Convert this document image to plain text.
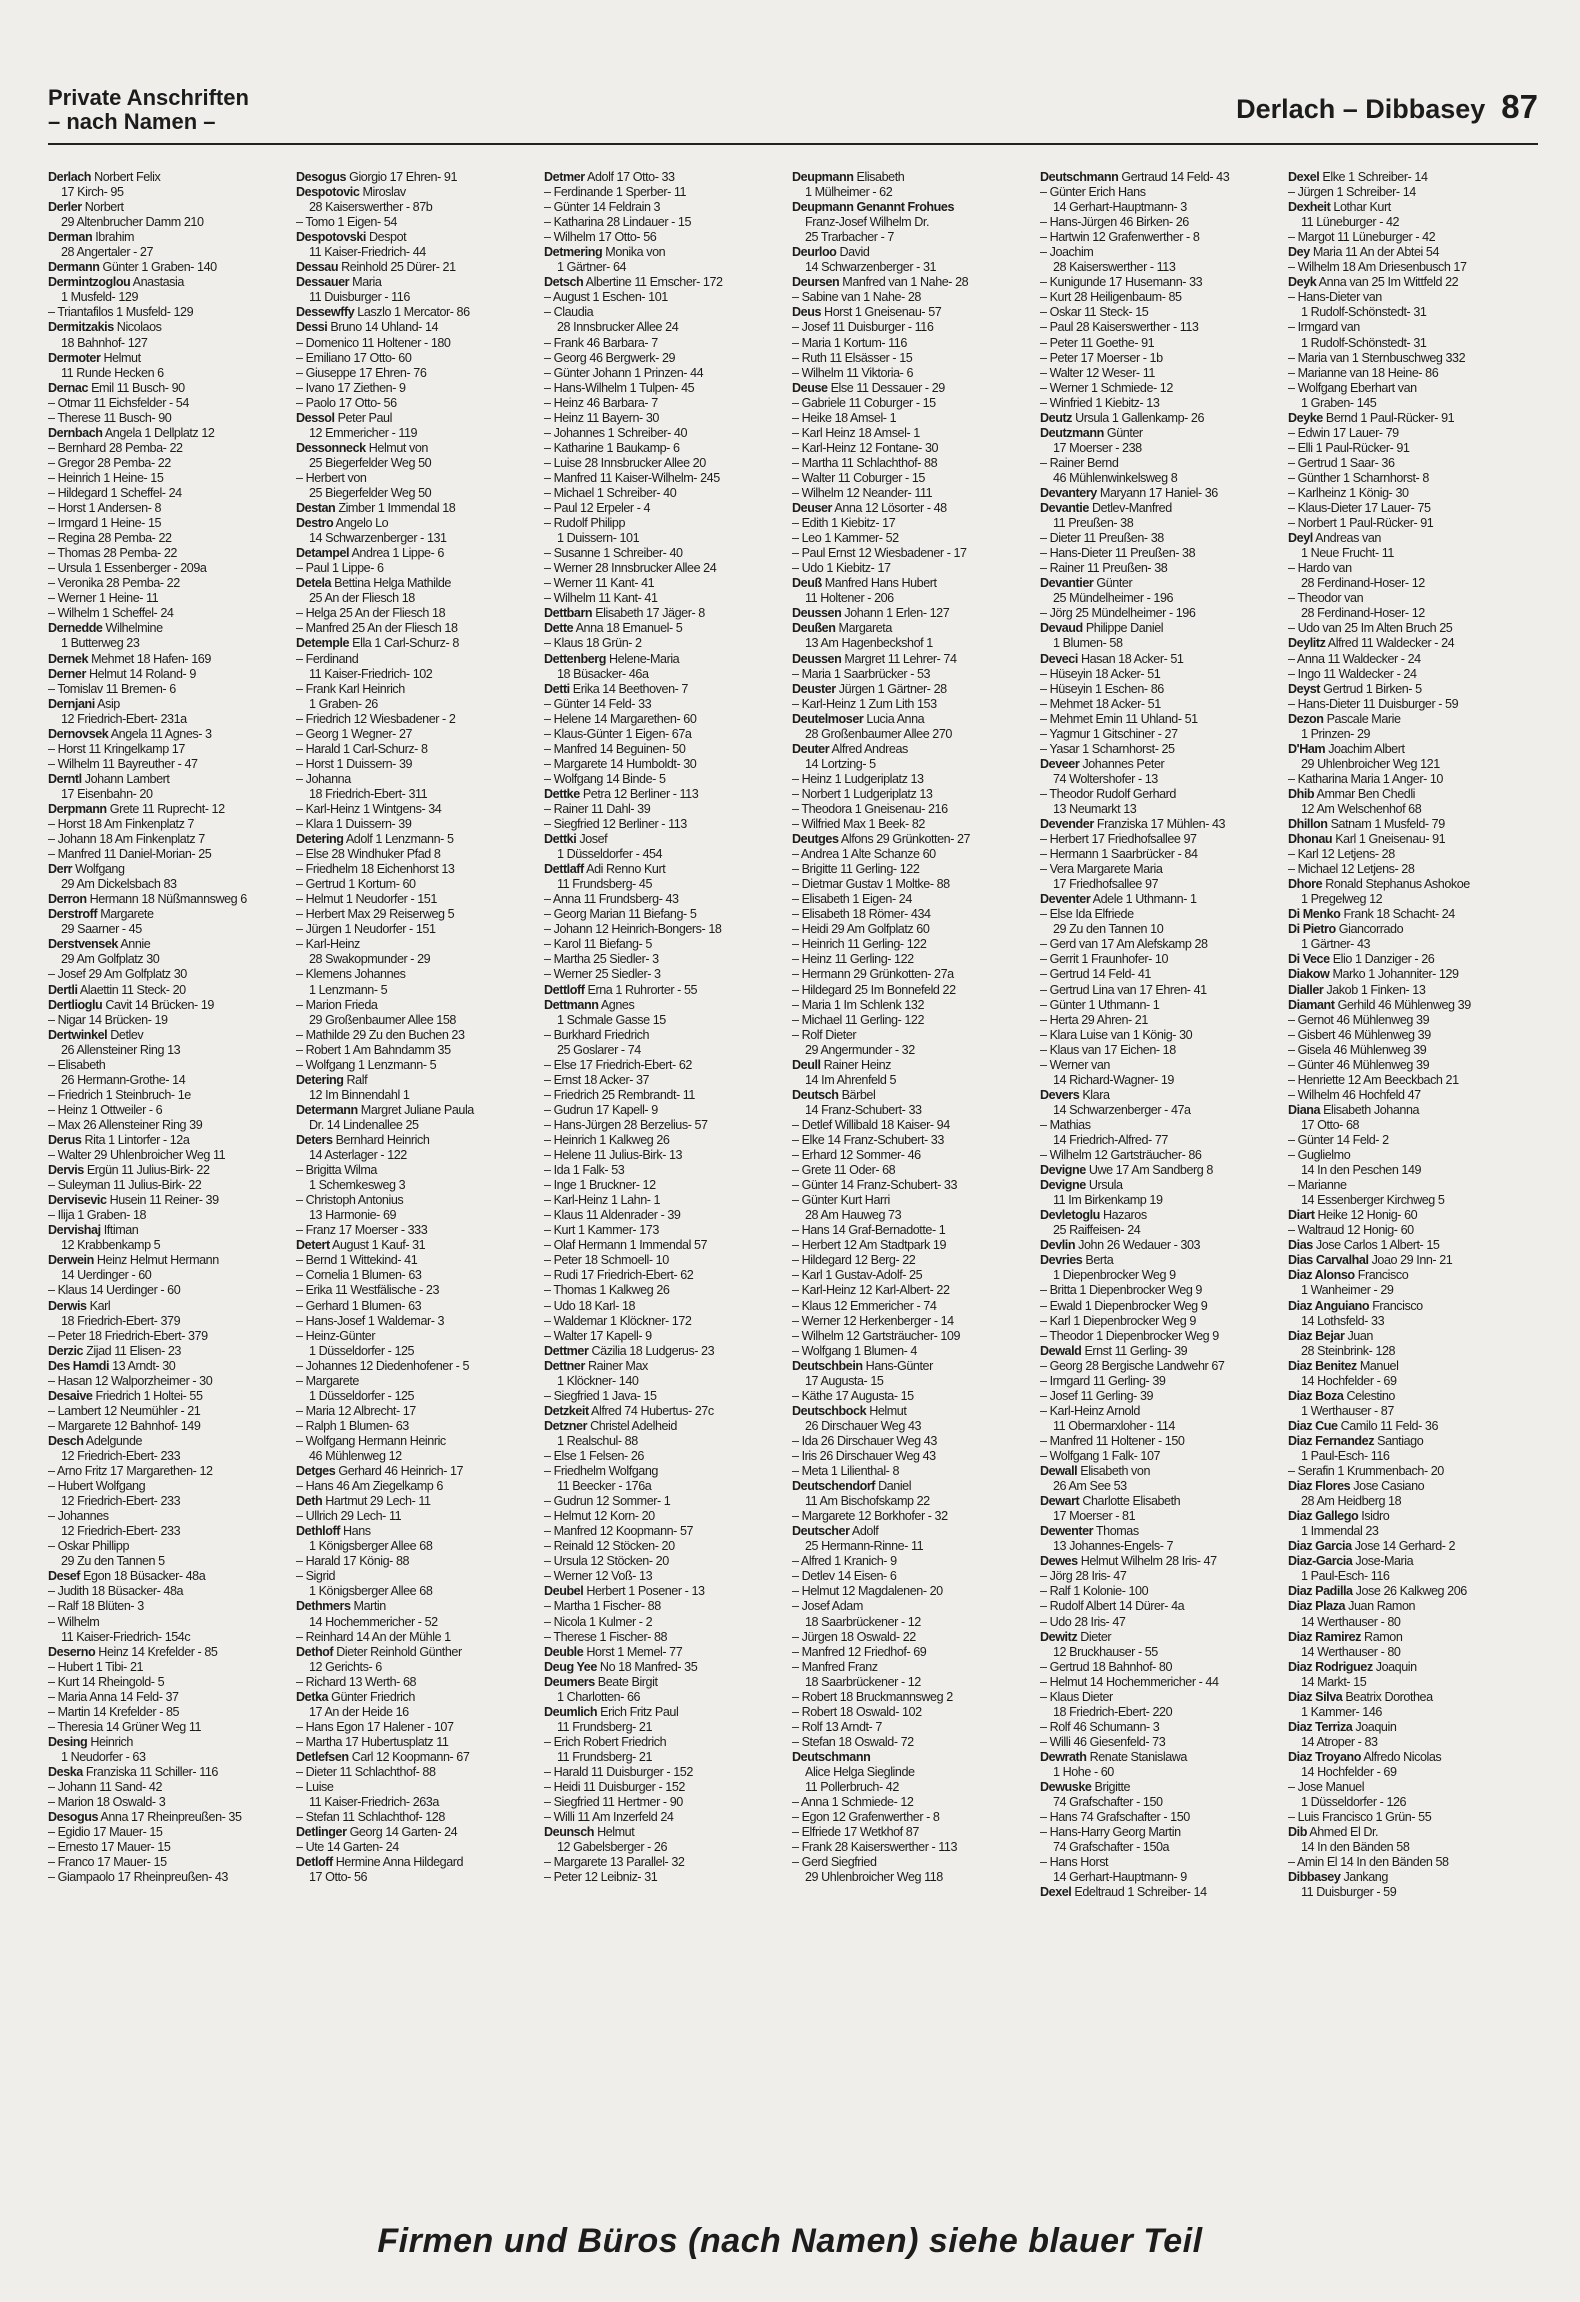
Private Anschriften
– nach Namen –	Derlach – Dibbasey 87
Derlach Norbert Felix
17 Kirch- 95
Derler Norbert
29 Altenbrucher Damm 210
Derman Ibrahim
28 Angertaler - 27
Dermann Günter 1 Graben- 140
Dermintzoglou Anastasia
1 Musfeld- 129
– Triantafilos 1 Musfeld- 129
Dermitzakis Nicolaos
18 Bahnhof- 127
Dermoter Helmut
11 Runde Hecken 6
Dernac Emil 11 Busch- 90
– Otmar 11 Eichsfelder - 54
– Therese 11 Busch- 90
Dernbach Angela 1 Dellplatz 12
– Bernhard 28 Pemba- 22
– Gregor 28 Pemba- 22
– Heinrich 1 Heine- 15
– Hildegard 1 Scheffel- 24
– Horst 1 Andersen- 8
– Irmgard 1 Heine- 15
– Regina 28 Pemba- 22
– Thomas 28 Pemba- 22
– Ursula 1 Essenberger - 209a
– Veronika 28 Pemba- 22
– Werner 1 Heine- 11
– Wilhelm 1 Scheffel- 24
Dernedde Wilhelmine
1 Butterweg 23
Dernek Mehmet 18 Hafen- 169
Derner Helmut 14 Roland- 9
– Tomislav 11 Bremen- 6
Dernjani Asip
12 Friedrich-Ebert- 231a
Dernovsek Angela 11 Agnes- 3
– Horst 11 Kringelkamp 17
– Wilhelm 11 Bayreuther - 47
Derntl Johann Lambert
17 Eisenbahn- 20
Derpmann Grete 11 Ruprecht- 12
– Horst 18 Am Finkenplatz 7
– Johann 18 Am Finkenplatz 7
– Manfred 11 Daniel-Morian- 25
Derr Wolfgang
29 Am Dickelsbach 83
Derron Hermann 18 Nüßmannsweg 6
Derstroff Margarete
29 Saarner - 45
Derstvensek Annie
29 Am Golfplatz 30
– Josef 29 Am Golfplatz 30
Dertli Alaettin 11 Steck- 20
Dertlioglu Cavit 14 Brücken- 19
– Nigar 14 Brücken- 19
Dertwinkel Detlev
26 Allensteiner Ring 13
– Elisabeth
26 Hermann-Grothe- 14
– Friedrich 1 Steinbruch- 1e
– Heinz 1 Ottweiler - 6
– Max 26 Allensteiner Ring 39
Derus Rita 1 Lintorfer - 12a
– Walter 29 Uhlenbroicher Weg 11
Dervis Ergün 11 Julius-Birk- 22
– Suleyman 11 Julius-Birk- 22
Dervisevic Husein 11 Reiner- 39
– Ilija 1 Graben- 18
Dervishaj Iftiman
12 Krabbenkamp 5
Derwein Heinz Helmut Hermann
14 Uerdinger - 60
– Klaus 14 Uerdinger - 60
Derwis Karl
18 Friedrich-Ebert- 379
– Peter 18 Friedrich-Ebert- 379
Derzic Zijad 11 Elisen- 23
Des Hamdi 13 Arndt- 30
– Hasan 12 Walporzheimer - 30
Desaive Friedrich 1 Holtei- 55
– Lambert 12 Neumühler - 21
– Margarete 12 Bahnhof- 149
Desch Adelgunde
12 Friedrich-Ebert- 233
– Arno Fritz 17 Margarethen- 12
– Hubert Wolfgang
12 Friedrich-Ebert- 233
– Johannes
12 Friedrich-Ebert- 233
– Oskar Phillipp
29 Zu den Tannen 5
Desef Egon 18 Büsacker- 48a
– Judith 18 Büsacker- 48a
– Ralf 18 Blüten- 3
– Wilhelm
11 Kaiser-Friedrich- 154c
Deserno Heinz 14 Krefelder - 85
– Hubert 1 Tibi- 21
– Kurt 14 Rheingold- 5
– Maria Anna 14 Feld- 37
– Martin 14 Krefelder - 85
– Theresia 14 Grüner Weg 11
Desing Heinrich
1 Neudorfer - 63
Deska Franziska 11 Schiller- 116
– Johann 11 Sand- 42
– Marion 18 Oswald- 3
Desogus Anna 17 Rheinpreußen- 35
– Egidio 17 Mauer- 15
– Ernesto 17 Mauer- 15
– Franco 17 Mauer- 15
– Giampaolo 17 Rheinpreußen- 43
Desogus Giorgio 17 Ehren- 91
Despotovic Miroslav
28 Kaiserswerther - 87b
– Tomo 1 Eigen- 54
Despotovski Despot
11 Kaiser-Friedrich- 44
Dessau Reinhold 25 Dürer- 21
Dessauer Maria
11 Duisburger - 116
Dessewffy Laszlo 1 Mercator- 86
Dessi Bruno 14 Uhland- 14
– Domenico 11 Holtener - 180
– Emiliano 17 Otto- 60
– Giuseppe 17 Ehren- 76
– Ivano 17 Ziethen- 9
– Paolo 17 Otto- 56
Dessol Peter Paul
12 Emmericher - 119
Dessonneck Helmut von
25 Biegerfelder Weg 50
– Herbert von
25 Biegerfelder Weg 50
Destan Zimber 1 Immendal 18
Destro Angelo Lo
14 Schwarzenberger - 131
Detampel Andrea 1 Lippe- 6
– Paul 1 Lippe- 6
Detela Bettina Helga Mathilde
25 An der Fliesch 18
– Helga 25 An der Fliesch 18
– Manfred 25 An der Fliesch 18
Detemple Ella 1 Carl-Schurz- 8
– Ferdinand
11 Kaiser-Friedrich- 102
– Frank Karl Heinrich
1 Graben- 26
– Friedrich 12 Wiesbadener - 2
– Georg 1 Wegner- 27
– Harald 1 Carl-Schurz- 8
– Horst 1 Duissern- 39
– Johanna
18 Friedrich-Ebert- 311
– Karl-Heinz 1 Wintgens- 34
– Klara 1 Duissern- 39
Detering Adolf 1 Lenzmann- 5
– Else 28 Windhuker Pfad 8
– Friedhelm 18 Eichenhorst 13
– Gertrud 1 Kortum- 60
– Helmut 1 Neudorfer - 151
– Herbert Max 29 Reiserweg 5
– Jürgen 1 Neudorfer - 151
– Karl-Heinz
28 Swakopmunder - 29
– Klemens Johannes
1 Lenzmann- 5
– Marion Frieda
29 Großenbaumer Allee 158
– Mathilde 29 Zu den Buchen 23
– Robert 1 Am Bahndamm 35
– Wolfgang 1 Lenzmann- 5
Detering Ralf
12 Im Binnendahl 1
Determann Margret Juliane Paula
Dr. 14 Lindenallee 25
Deters Bernhard Heinrich
14 Asterlager - 122
– Brigitta Wilma
1 Schemkesweg 3
– Christoph Antonius
13 Harmonie- 69
– Franz 17 Moerser - 333
Detert August 1 Kauf- 31
– Bernd 1 Wittekind- 41
– Cornelia 1 Blumen- 63
– Erika 11 Westfälische - 23
– Gerhard 1 Blumen- 63
– Hans-Josef 1 Waldemar- 3
– Heinz-Günter
1 Düsseldorfer - 125
– Johannes 12 Diedenhofener - 5
– Margarete
1 Düsseldorfer - 125
– Maria 12 Albrecht- 17
– Ralph 1 Blumen- 63
– Wolfgang Hermann Heinric
46 Mühlenweg 12
Detges Gerhard 46 Heinrich- 17
– Hans 46 Am Ziegelkamp 6
Deth Hartmut 29 Lech- 11
– Ullrich 29 Lech- 11
Dethloff Hans
1 Königsberger Allee 68
– Harald 17 König- 88
– Sigrid
1 Königsberger Allee 68
Dethmers Martin
14 Hochemmericher - 52
– Reinhard 14 An der Mühle 1
Dethof Dieter Reinhold Günther
12 Gerichts- 6
– Richard 13 Werth- 68
Detka Günter Friedrich
17 An der Heide 16
– Hans Egon 17 Halener - 107
– Martha 17 Hubertusplatz 11
Detlefsen Carl 12 Koopmann- 67
– Dieter 11 Schlachthof- 88
– Luise
11 Kaiser-Friedrich- 263a
– Stefan 11 Schlachthof- 128
Detlinger Georg 14 Garten- 24
– Ute 14 Garten- 24
Detloff Hermine Anna Hildegard
17 Otto- 56
Detmer Adolf 17 Otto- 33
– Ferdinande 1 Sperber- 11
– Günter 14 Feldrain 3
– Katharina 28 Lindauer - 15
– Wilhelm 17 Otto- 56
Detmering Monika von
1 Gärtner- 64
Detsch Albertine 11 Emscher- 172
– August 1 Eschen- 101
– Claudia
28 Innsbrucker Allee 24
– Frank 46 Barbara- 7
– Georg 46 Bergwerk- 29
– Günter Johann 1 Prinzen- 44
– Hans-Wilhelm 1 Tulpen- 45
– Heinz 46 Barbara- 7
– Heinz 11 Bayern- 30
– Johannes 1 Schreiber- 40
– Katharine 1 Baukamp- 6
– Luise 28 Innsbrucker Allee 20
– Manfred 11 Kaiser-Wilhelm- 245
– Michael 1 Schreiber- 40
– Paul 12 Erpeler - 4
– Rudolf Philipp
1 Duissern- 101
– Susanne 1 Schreiber- 40
– Werner 28 Innsbrucker Allee 24
– Werner 11 Kant- 41
– Wilhelm 11 Kant- 41
Dettbarn Elisabeth 17 Jäger- 8
Dette Anna 18 Emanuel- 5
– Klaus 18 Grün- 2
Dettenberg Helene-Maria
18 Büsacker- 46a
Detti Erika 14 Beethoven- 7
– Günter 14 Feld- 33
– Helene 14 Margarethen- 60
– Klaus-Günter 1 Eigen- 67a
– Manfred 14 Beguinen- 50
– Margarete 14 Humboldt- 30
– Wolfgang 14 Binde- 5
Dettke Petra 12 Berliner - 113
– Rainer 11 Dahl- 39
– Siegfried 12 Berliner - 113
Dettki Josef
1 Düsseldorfer - 454
Dettlaff Adi Renno Kurt
11 Frundsberg- 45
– Anna 11 Frundsberg- 43
– Georg Marian 11 Biefang- 5
– Johann 12 Heinrich-Bongers- 18
– Karol 11 Biefang- 5
– Martha 25 Siedler- 3
– Werner 25 Siedler- 3
Dettloff Erna 1 Ruhrorter - 55
Dettmann Agnes
1 Schmale Gasse 15
– Burkhard Friedrich
25 Goslarer - 74
– Else 17 Friedrich-Ebert- 62
– Ernst 18 Acker- 37
– Friedrich 25 Rembrandt- 11
– Gudrun 17 Kapell- 9
– Hans-Jürgen 28 Berzelius- 57
– Heinrich 1 Kalkweg 26
– Helene 11 Julius-Birk- 13
– Ida 1 Falk- 53
– Inge 1 Bruckner- 12
– Karl-Heinz 1 Lahn- 1
– Klaus 11 Aldenrader - 39
– Kurt 1 Kammer- 173
– Olaf Hermann 1 Immendal 57
– Peter 18 Schmoell- 10
– Rudi 17 Friedrich-Ebert- 62
– Thomas 1 Kalkweg 26
– Udo 18 Karl- 18
– Waldemar 1 Klöckner- 172
– Walter 17 Kapell- 9
Dettmer Cäzilia 18 Ludgerus- 23
Dettner Rainer Max
1 Klöckner- 140
– Siegfried 1 Java- 15
Detzkeit Alfred 74 Hubertus- 27c
Detzner Christel Adelheid
1 Realschul- 88
– Else 1 Felsen- 26
– Friedhelm Wolfgang
11 Beecker - 176a
– Gudrun 12 Sommer- 1
– Helmut 12 Korn- 20
– Manfred 12 Koopmann- 57
– Reinald 12 Stöcken- 20
– Ursula 12 Stöcken- 20
– Werner 12 Voß- 13
Deubel Herbert 1 Posener - 13
– Martha 1 Fischer- 88
– Nicola 1 Kulmer - 2
– Therese 1 Fischer- 88
Deuble Horst 1 Memel- 77
Deug Yee No 18 Manfred- 35
Deumers Beate Birgit
1 Charlotten- 66
Deumlich Erich Fritz Paul
11 Frundsberg- 21
– Erich Robert Friedrich
11 Frundsberg- 21
– Harald 11 Duisburger - 152
– Heidi 11 Duisburger - 152
– Siegfried 11 Hertmer - 90
– Willi 11 Am Inzerfeld 24
Deunsch Helmut
12 Gabelsberger - 26
– Margarete 13 Parallel- 32
– Peter 12 Leibniz- 31
Deupmann Elisabeth
1 Mülheimer - 62
Deupmann Genannt Frohues
Franz-Josef Wilhelm Dr.
25 Trarbacher - 7
Deurloo David
14 Schwarzenberger - 31
Deursen Manfred van 1 Nahe- 28
– Sabine van 1 Nahe- 28
Deus Horst 1 Gneisenau- 57
– Josef 11 Duisburger - 116
– Maria 1 Kortum- 116
– Ruth 11 Elsässer - 15
– Wilhelm 11 Viktoria- 6
Deuse Else 11 Dessauer - 29
– Gabriele 11 Coburger - 15
– Heike 18 Amsel- 1
– Karl Heinz 18 Amsel- 1
– Karl-Heinz 12 Fontane- 30
– Martha 11 Schlachthof- 88
– Walter 11 Coburger - 15
– Wilhelm 12 Neander- 111
Deuser Anna 12 Lösorter - 48
– Edith 1 Kiebitz- 17
– Leo 1 Kammer- 52
– Paul Ernst 12 Wiesbadener - 17
– Udo 1 Kiebitz- 17
Deuß Manfred Hans Hubert
11 Holtener - 206
Deussen Johann 1 Erlen- 127
Deußen Margareta
13 Am Hagenbeckshof 1
Deussen Margret 11 Lehrer- 74
– Maria 1 Saarbrücker - 53
Deuster Jürgen 1 Gärtner- 28
– Karl-Heinz 1 Zum Lith 153
Deutelmoser Lucia Anna
28 Großenbaumer Allee 270
Deuter Alfred Andreas
14 Lortzing- 5
– Heinz 1 Ludgeriplatz 13
– Norbert 1 Ludgeriplatz 13
– Theodora 1 Gneisenau- 216
– Wilfried Max 1 Beek- 82
Deutges Alfons 29 Grünkotten- 27
– Andrea 1 Alte Schanze 60
– Brigitte 11 Gerling- 122
– Dietmar Gustav 1 Moltke- 88
– Elisabeth 1 Eigen- 24
– Elisabeth 18 Römer- 434
– Heidi 29 Am Golfplatz 60
– Heinrich 11 Gerling- 122
– Heinz 11 Gerling- 122
– Hermann 29 Grünkotten- 27a
– Hildegard 25 Im Bonnefeld 22
– Maria 1 Im Schlenk 132
– Michael 11 Gerling- 122
– Rolf Dieter
29 Angermunder - 32
Deull Rainer Heinz
14 Im Ahrenfeld 5
Deutsch Bärbel
14 Franz-Schubert- 33
– Detlef Willibald 18 Kaiser- 94
– Elke 14 Franz-Schubert- 33
– Erhard 12 Sommer- 46
– Grete 11 Oder- 68
– Günter 14 Franz-Schubert- 33
– Günter Kurt Harri
28 Am Hauweg 73
– Hans 14 Graf-Bernadotte- 1
– Herbert 12 Am Stadtpark 19
– Hildegard 12 Berg- 22
– Karl 1 Gustav-Adolf- 25
– Karl-Heinz 12 Karl-Albert- 22
– Klaus 12 Emmericher - 74
– Werner 12 Herkenberger - 14
– Wilhelm 12 Gartsträucher- 109
– Wolfgang 1 Blumen- 4
Deutschbein Hans-Günter
17 Augusta- 15
– Käthe 17 Augusta- 15
Deutschbock Helmut
26 Dirschauer Weg 43
– Ida 26 Dirschauer Weg 43
– Iris 26 Dirschauer Weg 43
– Meta 1 Lilienthal- 8
Deutschendorf Daniel
11 Am Bischofskamp 22
– Margarete 12 Borkhofer - 32
Deutscher Adolf
25 Hermann-Rinne- 11
– Alfred 1 Kranich- 9
– Detlev 14 Eisen- 6
– Helmut 12 Magdalenen- 20
– Josef Adam
18 Saarbrückener - 12
– Jürgen 18 Oswald- 22
– Manfred 12 Friedhof- 69
– Manfred Franz
18 Saarbrückener - 12
– Robert 18 Bruckmannsweg 2
– Robert 18 Oswald- 102
– Rolf 13 Arndt- 7
– Stefan 18 Oswald- 72
Deutschmann
Alice Helga Sieglinde
11 Pollerbruch- 42
– Anna 1 Schmiede- 12
– Egon 12 Grafenwerther - 8
– Elfriede 17 Wetkhof 87
– Frank 28 Kaiserswerther - 113
– Gerd Siegfried
29 Uhlenbroicher Weg 118
Deutschmann Gertraud 14 Feld- 43
– Günter Erich Hans
14 Gerhart-Hauptmann- 3
– Hans-Jürgen 46 Birken- 26
– Hartwin 12 Grafenwerther - 8
– Joachim
28 Kaiserswerther - 113
– Kunigunde 17 Husemann- 33
– Kurt 28 Heiligenbaum- 85
– Oskar 11 Steck- 15
– Paul 28 Kaiserswerther - 113
– Peter 11 Goethe- 91
– Peter 17 Moerser - 1b
– Walter 12 Weser- 11
– Werner 1 Schmiede- 12
– Winfried 1 Kiebitz- 13
Deutz Ursula 1 Gallenkamp- 26
Deutzmann Günter
17 Moerser - 238
– Rainer Bernd
46 Mühlenwinkelsweg 8
Devantery Maryann 17 Haniel- 36
Devantie Detlev-Manfred
11 Preußen- 38
– Dieter 11 Preußen- 38
– Hans-Dieter 11 Preußen- 38
– Rainer 11 Preußen- 38
Devantier Günter
25 Mündelheimer - 196
– Jörg 25 Mündelheimer - 196
Devaud Philippe Daniel
1 Blumen- 58
Deveci Hasan 18 Acker- 51
– Hüseyin 18 Acker- 51
– Hüseyin 1 Eschen- 86
– Mehmet 18 Acker- 51
– Mehmet Emin 11 Uhland- 51
– Yagmur 1 Gitschiner - 27
– Yasar 1 Scharnhorst- 25
Deveer Johannes Peter
74 Woltershofer - 13
– Theodor Rudolf Gerhard
13 Neumarkt 13
Devender Franziska 17 Mühlen- 43
– Herbert 17 Friedhofsallee 97
– Hermann 1 Saarbrücker - 84
– Vera Margarete Maria
17 Friedhofsallee 97
Deventer Adele 1 Uthmann- 1
– Else Ida Elfriede
29 Zu den Tannen 10
– Gerd van 17 Am Alefskamp 28
– Gerrit 1 Fraunhofer- 10
– Gertrud 14 Feld- 41
– Gertrud Lina van 17 Ehren- 41
– Günter 1 Uthmann- 1
– Herta 29 Ahren- 21
– Klara Luise van 1 König- 30
– Klaus van 17 Eichen- 18
– Werner van
14 Richard-Wagner- 19
Devers Klara
14 Schwarzenberger - 47a
– Mathias
14 Friedrich-Alfred- 77
– Wilhelm 12 Gartsträucher- 86
Devigne Uwe 17 Am Sandberg 8
Devigne Ursula
11 Im Birkenkamp 19
Devletoglu Hazaros
25 Raiffeisen- 24
Devlin John 26 Wedauer - 303
Devries Berta
1 Diepenbrocker Weg 9
– Britta 1 Diepenbrocker Weg 9
– Ewald 1 Diepenbrocker Weg 9
– Karl 1 Diepenbrocker Weg 9
– Theodor 1 Diepenbrocker Weg 9
Dewald Ernst 11 Gerling- 39
– Georg 28 Bergische Landwehr 67
– Irmgard 11 Gerling- 39
– Josef 11 Gerling- 39
– Karl-Heinz Arnold
11 Obermarxloher - 114
– Manfred 11 Holtener - 150
– Wolfgang 1 Falk- 107
Dewall Elisabeth von
26 Am See 53
Dewart Charlotte Elisabeth
17 Moerser - 81
Dewenter Thomas
13 Johannes-Engels- 7
Dewes Helmut Wilhelm 28 Iris- 47
– Jörg 28 Iris- 47
– Ralf 1 Kolonie- 100
– Rudolf Albert 14 Dürer- 4a
– Udo 28 Iris- 47
Dewitz Dieter
12 Bruckhauser - 55
– Gertrud 18 Bahnhof- 80
– Helmut 14 Hochemmericher - 44
– Klaus Dieter
18 Friedrich-Ebert- 220
– Rolf 46 Schumann- 3
– Willi 46 Giesenfeld- 73
Dewrath Renate Stanislawa
1 Hohe - 60
Dewuske Brigitte
74 Grafschafter - 150
– Hans 74 Grafschafter - 150
– Hans-Harry Georg Martin
74 Grafschafter - 150a
– Hans Horst
14 Gerhart-Hauptmann- 9
Dexel Edeltraud 1 Schreiber- 14
Dexel Elke 1 Schreiber- 14
– Jürgen 1 Schreiber- 14
Dexheit Lothar Kurt
11 Lüneburger - 42
– Margot 11 Lüneburger - 42
Dey Maria 11 An der Abtei 54
– Wilhelm 18 Am Driesenbusch 17
Deyk Anna van 25 Im Wittfeld 22
– Hans-Dieter van
1 Rudolf-Schönstedt- 31
– Irmgard van
1 Rudolf-Schönstedt- 31
– Maria van 1 Sternbuschweg 332
– Marianne van 18 Heine- 86
– Wolfgang Eberhart van
1 Graben- 145
Deyke Bernd 1 Paul-Rücker- 91
– Edwin 17 Lauer- 79
– Elli 1 Paul-Rücker- 91
– Gertrud 1 Saar- 36
– Günther 1 Scharnhorst- 8
– Karlheinz 1 König- 30
– Klaus-Dieter 17 Lauer- 75
– Norbert 1 Paul-Rücker- 91
Deyl Andreas van
1 Neue Frucht- 11
– Hardo van
28 Ferdinand-Hoser- 12
– Theodor van
28 Ferdinand-Hoser- 12
– Udo van 25 Im Alten Bruch 25
Deylitz Alfred 11 Waldecker - 24
– Anna 11 Waldecker - 24
– Ingo 11 Waldecker - 24
Deyst Gertrud 1 Birken- 5
– Hans-Dieter 11 Duisburger - 59
Dezon Pascale Marie
1 Prinzen- 29
D'Ham Joachim Albert
29 Uhlenbroicher Weg 121
– Katharina Maria 1 Anger- 10
Dhib Ammar Ben Chedli
12 Am Welschenhof 68
Dhillon Satnam 1 Musfeld- 79
Dhonau Karl 1 Gneisenau- 91
– Karl 12 Letjens- 28
– Michael 12 Letjens- 28
Dhore Ronald Stephanus Ashokoe
1 Pregelweg 12
Di Menko Frank 18 Schacht- 24
Di Pietro Giancorrado
1 Gärtner- 43
Di Vece Elio 1 Danziger - 26
Diakow Marko 1 Johanniter- 129
Dialler Jakob 1 Finken- 13
Diamant Gerhild 46 Mühlenweg 39
– Gernot 46 Mühlenweg 39
– Gisbert 46 Mühlenweg 39
– Gisela 46 Mühlenweg 39
– Günter 46 Mühlenweg 39
– Henriette 12 Am Beeckbach 21
– Wilhelm 46 Hochfeld 47
Diana Elisabeth Johanna
17 Otto- 68
– Günter 14 Feld- 2
– Guglielmo
14 In den Peschen 149
– Marianne
14 Essenberger Kirchweg 5
Diart Heike 12 Honig- 60
– Waltraud 12 Honig- 60
Dias Jose Carlos 1 Albert- 15
Dias Carvalhal Joao 29 Inn- 21
Diaz Alonso Francisco
1 Wanheimer - 29
Diaz Anguiano Francisco
14 Lothsfeld- 33
Diaz Bejar Juan
28 Steinbrink- 128
Diaz Benitez Manuel
14 Hochfelder - 69
Diaz Boza Celestino
1 Werthauser - 87
Diaz Cue Camilo 11 Feld- 36
Diaz Fernandez Santiago
1 Paul-Esch- 116
– Serafin 1 Krummenbach- 20
Diaz Flores Jose Casiano
28 Am Heidberg 18
Diaz Gallego Isidro
1 Immendal 23
Diaz Garcia Jose 14 Gerhard- 2
Diaz-Garcia Jose-Maria
1 Paul-Esch- 116
Diaz Padilla Jose 26 Kalkweg 206
Diaz Plaza Juan Ramon
14 Werthauser - 80
Diaz Ramirez Ramon
14 Werthauser - 80
Diaz Rodriguez Joaquin
14 Markt- 15
Diaz Silva Beatrix Dorothea
1 Kammer- 146
Diaz Terriza Joaquin
14 Atroper - 83
Diaz Troyano Alfredo Nicolas
14 Hochfelder - 69
– Jose Manuel
1 Düsseldorfer - 126
– Luis Francisco 1 Grün- 55
Dib Ahmed El Dr.
14 In den Bänden 58
– Amin El 14 In den Bänden 58
Dibbasey Jankang
11 Duisburger - 59
Firmen und Büros (nach Namen) siehe blauer Teil
